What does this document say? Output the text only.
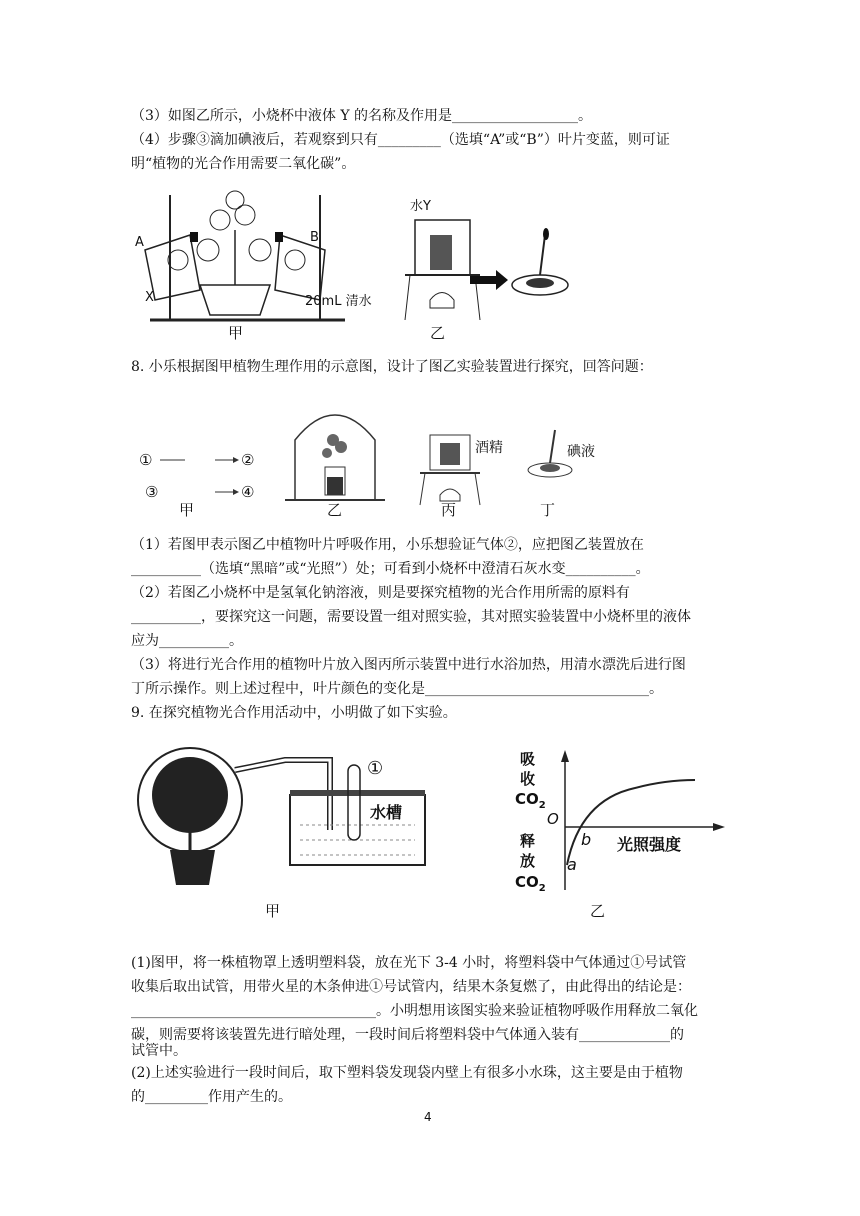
（3）如图乙所示，小烧杯中液体 Y 的名称及作用是__________________。
（4）步骤③滴加碘液后，若观察到只有_________（选填“A”或“B”）叶片变蓝，则可证
明“植物的光合作用需要二氧化碳”。
A	B
X
水Y
20mL 清水
甲	乙
8. 小乐根据图甲植物生理作用的示意图，设计了图乙实验装置进行探究，回答问题：
①	②
③	④
酒精	碘液
甲	乙	丙	丁
（1）若图甲表示图乙中植物叶片呼吸作用，小乐想验证气体②，应把图乙装置放在
__________（选填“黑暗”或“光照”）处；可看到小烧杯中澄清石灰水变__________。
（2）若图乙小烧杯中是氢氧化钠溶液，则是要探究植物的光合作用所需的原料有
__________，要探究这一问题，需要设置一组对照实验，其对照实验装置中小烧杯里的液体
应为__________。
（3）将进行光合作用的植物叶片放入图丙所示装置中进行水浴加热，用清水漂洗后进行图
丁所示操作。则上述过程中，叶片颜色的变化是________________________________。
9. 在探究植物光合作用活动中，小明做了如下实验。
①
水槽
吸
收
$CO_2$
O
b 光照强度
释
放 a
$CO_2$
甲	乙
(1)图甲，将一株植物罩上透明塑料袋，放在光下 3-4 小时，将塑料袋中气体通过①号试管
收集后取出试管，用带火星的木条伸进①号试管内，结果木条复燃了，由此得出的结论是：
___________________________________。小明想用该图实验来验证植物呼吸作用释放二氧化
碳，则需要将该装置先进行暗处理，一段时间后将塑料袋中气体通入装有_____________的
试管中。
(2)上述实验进行一段时间后，取下塑料袋发现袋内壁上有很多小水珠，这主要是由于植物
的_________作用产生的。
4
